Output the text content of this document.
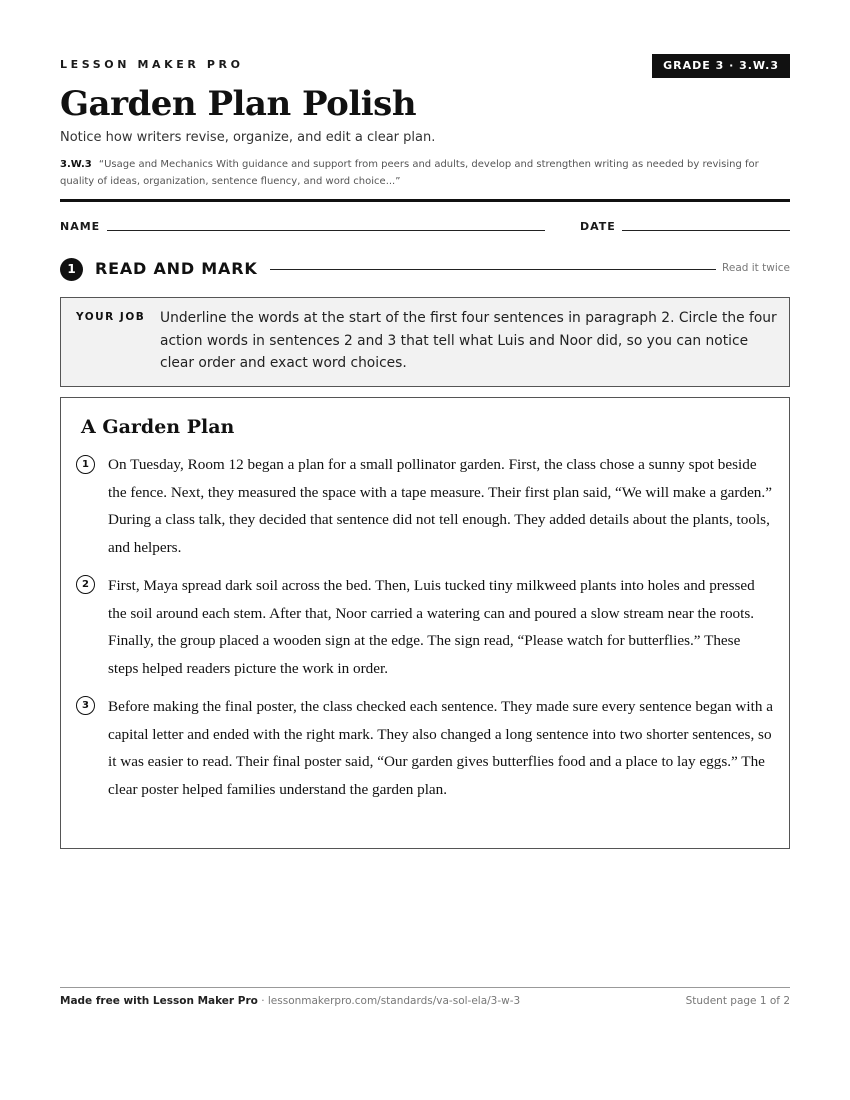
LESSON MAKER PRO	GRADE 3 · 3.W.3
Garden Plan Polish
Notice how writers revise, organize, and edit a clear plan.
3.W.3 “Usage and Mechanics With guidance and support from peers and adults, develop and strengthen writing as needed by revising for quality of ideas, organization, sentence fluency, and word choice...”
NAME	DATE
1	READ AND MARK	Read it twice
YOUR JOB Underline the words at the start of the first four sentences in paragraph 2. Circle the four action words in sentences 2 and 3 that tell what Luis and Noor did, so you can notice clear order and exact word choices.
A Garden Plan
1	On Tuesday, Room 12 began a plan for a small pollinator garden. First, the class chose a sunny spot beside the fence. Next, they measured the space with a tape measure. Their first plan said, “We will make a garden.” During a class talk, they decided that sentence did not tell enough. They added details about the plants, tools, and helpers.
2	First, Maya spread dark soil across the bed. Then, Luis tucked tiny milkweed plants into holes and pressed the soil around each stem. After that, Noor carried a watering can and poured a slow stream near the roots. Finally, the group placed a wooden sign at the edge. The sign read, “Please watch for butterflies.” These steps helped readers picture the work in order.
3	Before making the final poster, the class checked each sentence. They made sure every sentence began with a capital letter and ended with the right mark. They also changed a long sentence into two shorter sentences, so it was easier to read. Their final poster said, “Our garden gives butterflies food and a place to lay eggs.” The clear poster helped families understand the garden plan.
Made free with Lesson Maker Pro · lessonmakerpro.com/standards/va-sol-ela/3-w-3	Student page 1 of 2
